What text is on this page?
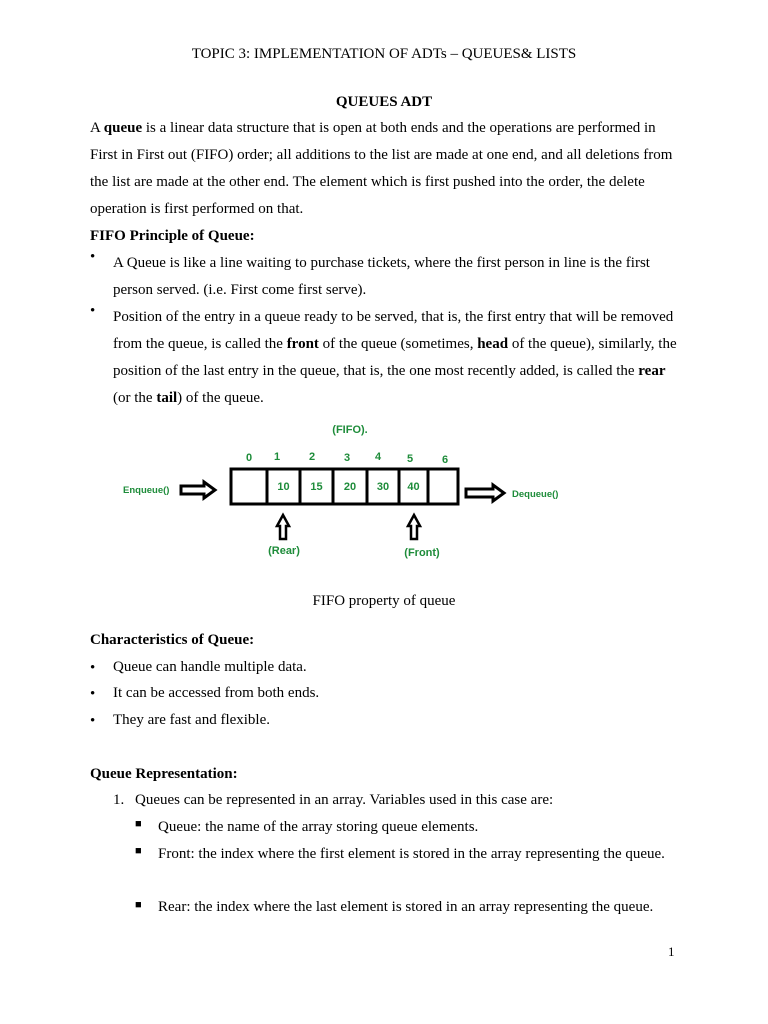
TOPIC 3: IMPLEMENTATION OF ADTs – QUEUES& LISTS
QUEUES ADT
A queue is a linear data structure that is open at both ends and the operations are performed in First in First out (FIFO) order; all additions to the list are made at one end, and all deletions from the list are made at the other end. The element which is first pushed into the order, the delete operation is first performed on that.
FIFO Principle of Queue:
•	A Queue is like a line waiting to purchase tickets, where the first person in line is the first person served. (i.e. First come first serve).
•	Position of the entry in a queue ready to be served, that is, the first entry that will be removed from the queue, is called the front of the queue (sometimes, head of the queue), similarly, the position of the last entry in the queue, that is, the one most recently added, is called the rear (or the tail) of the queue.
(FIFO).
0 1	2	3 4 5	6
Enqueue()	Dequeue()
(Rear)	(Front)
10 15 20 30 40
FIFO property of queue
Characteristics of Queue:
•	Queue can handle multiple data.
•	It can be accessed from both ends.
•	They are fast and flexible.
Queue Representation:
1. Queues can be represented in an array. Variables used in this case are:
■ Queue: the name of the array storing queue elements.
■ Front: the index where the first element is stored in the array representing the queue.
■ Rear: the index where the last element is stored in an array representing the queue.
1
